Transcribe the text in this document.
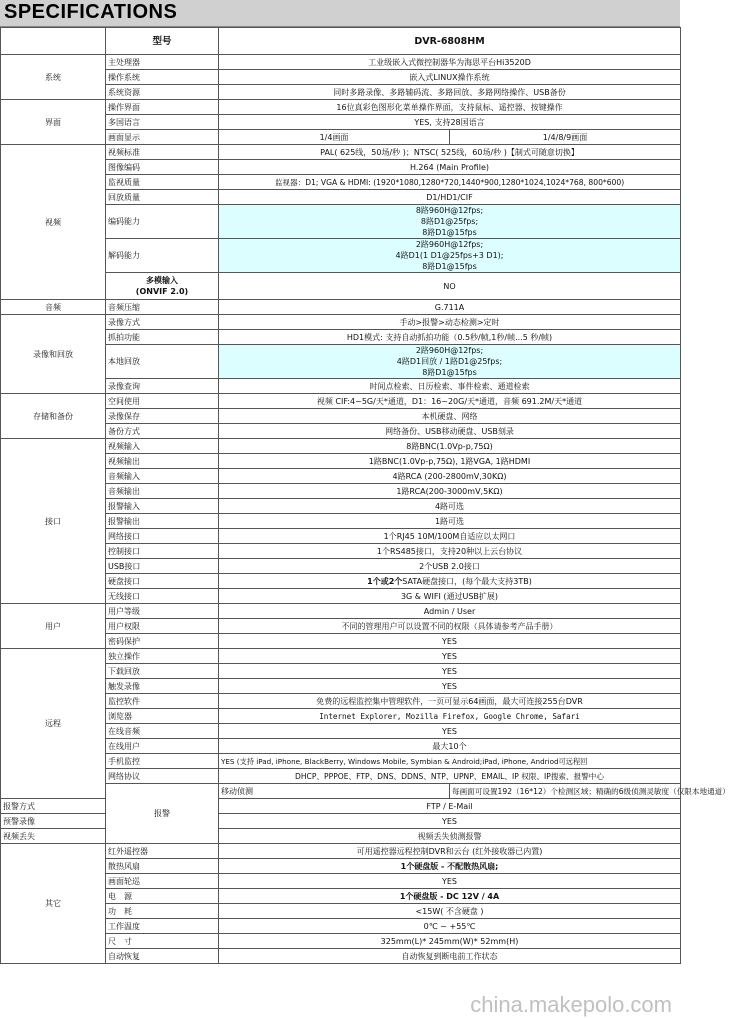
SPECIFICATIONS
	型号	DVR-6808HM	
系统	主处理器	工业级嵌入式微控制器华为海思平台Hi3520D	
	操作系统	嵌入式LINUX操作系统	
	系统资源	同时多路录像、多路辅码流、多路回放、多路网络操作、USB备份	
界面	操作界面	16位真彩色图形化菜单操作界面，支持鼠标、遥控器、按键操作	
	多国语言	YES, 支持28国语言	
	画面显示	1/4画面	1/4/8/9画面
视频	视频标准	PAL( 625线，50场/秒 )；NTSC( 525线，60场/秒 )【制式可随意切换】	
	图像编码	H.264 (Main Profile)	
	监视质量	监视器：D1; VGA & HDMI: (1920*1080,1280*720,1440*900,1280*1024,1024*768, 800*600)	
	回放质量	D1/HD1/CIF	
	编码能力	8路960H@12fps;
8路D1@25fps;
8路D1@15fps	

	解码能力	2路960H@12fps;
4路D1(1 D1@25fps+3 D1);
8路D1@15fps	

	多模输入
(ONVIF 2.0)	NO	
音频	音频压缩	G.711A	
录像和回放	录像方式	手动>报警>动态检测>定时	
	抓拍功能	HD1模式: 支持自动抓拍功能（0.5秒/帧,1秒/帧...5 秒/帧)	
	本地回放	2路960H@12fps;
4路D1回放 / 1路D1@25fps;
8路D1@15fps	

	录像查询	时间点检索、日历检索、事件检索、通道检索	
存储和备份	空间使用	视频 CIF:4~5G/天*通道，D1：16~20G/天*通道，音频 691.2M/天*通道	
	录像保存	本机硬盘、网络	
	备份方式	网络备份、USB移动硬盘、USB刻录	
接口	视频输入	8路BNC(1.0Vp-p,75Ω)	
	视频输出	1路BNC(1.0Vp-p,75Ω), 1路VGA, 1路HDMI	
	音频输入	4路RCA (200-2800mV,30KΩ)	
	音频输出	1路RCA(200-3000mV,5KΩ)	
	报警输入	4路可选	
	报警输出	1路可选	
	网络接口	1个RJ45 10M/100M自适应以太网口	
	控制接口	1个RS485接口，支持20种以上云台协议	
	USB接口	2个USB 2.0接口	
	硬盘接口	1个或2个SATA硬盘接口，(每个最大支持3TB)	
	无线接口	3G & WIFI (通过USB扩展)	
用户	用户等级	Admin / User	
	用户权限	不同的管理用户可以设置不同的权限（具体请参考产品手册）	
	密码保护	YES	
远程	独立操作	YES	
	下载回放	YES	
	触发录像	YES	
	监控软件	免费的远程监控集中管理软件，一页可显示64画面，最大可连接255台DVR	
	浏览器	Internet Explorer, Mozilla Firefox, Google Chrome, Safari	
	在线音频	YES	
	在线用户	最大10个	
	手机监控	YES (支持 iPad, iPhone, BlackBerry, Windows Mobile, Symbian & Android;iPad, iPhone, Andriod可远程回	
	网络协议	DHCP、PPPOE、FTP、DNS、DDNS、NTP、UPNP、EMAIL、IP 权限、IP搜索、报警中心	
	报警	移动侦测	每画面可设置192（16*12）个检测区域；精确的6级侦测灵敏度（仅限本地通道）
报警方式		FTP / E-Mail	
预警录像		YES	
视频丢失		视频丢失侦测报警	
其它	红外遥控器	可用遥控器远程控制DVR和云台 (红外接收器已内置)	
	散热风扇	1个硬盘版 - 不配散热风扇;	
	画面轮巡	YES	
	电　源	1个硬盘版 - DC 12V / 4A	
	功　耗	<15W( 不含硬盘 )	
	工作温度	0℃ ~ +55℃	
	尺　寸	325mm(L)* 245mm(W)* 52mm(H)	
	自动恢复	自动恢复到断电前工作状态	
china.makepolo.com
